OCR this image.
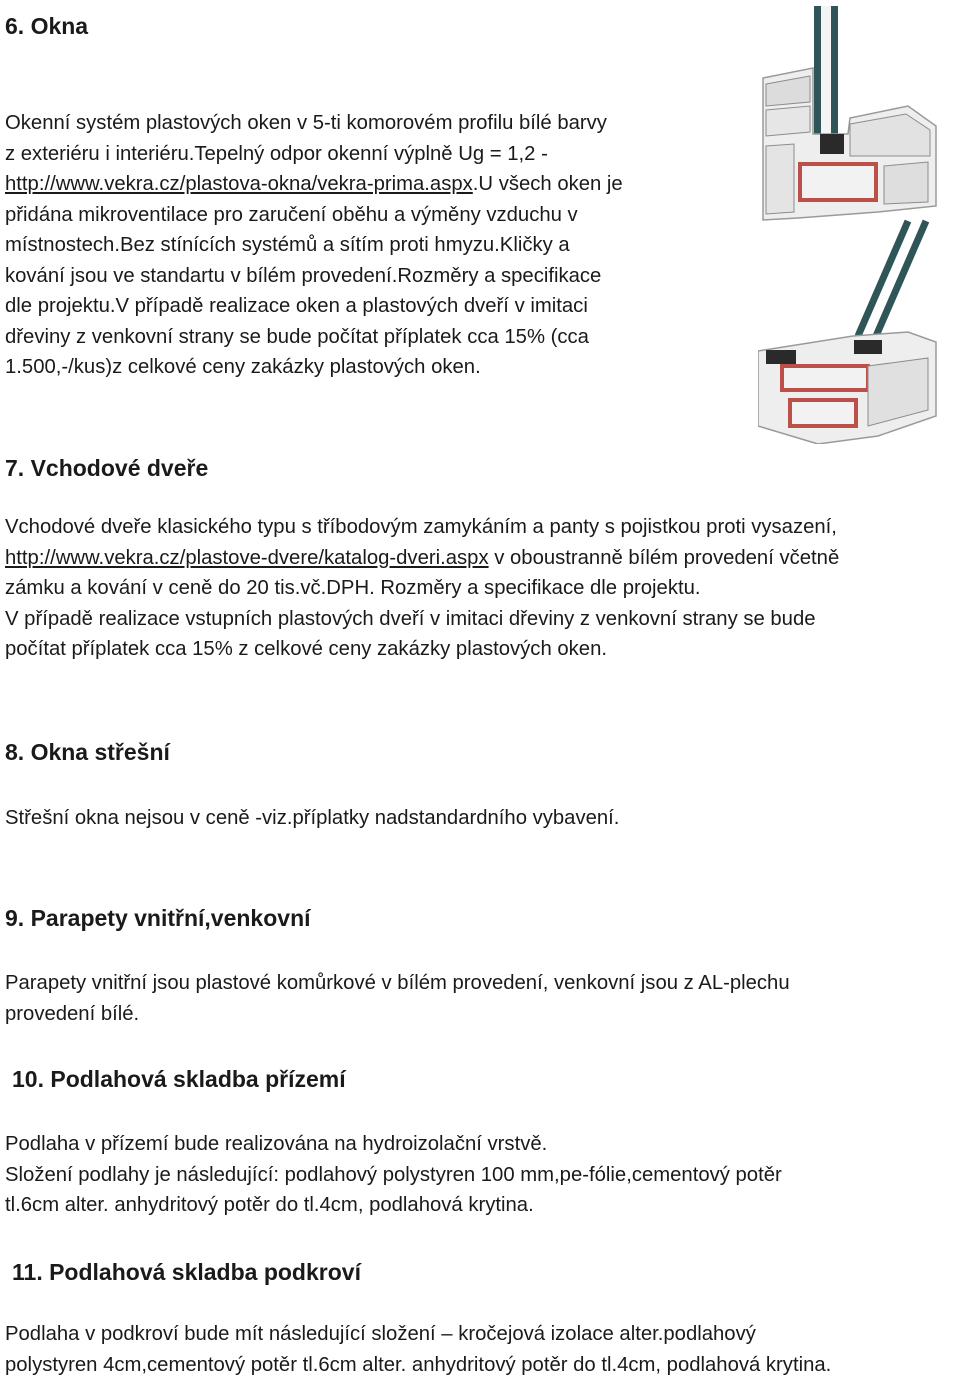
6. Okna

Okenní systém plastových oken v 5-ti komorovém profilu bílé barvy
z exteriéru i interiéru.Tepelný odpor okenní výplně Ug = 1,2 -
http://www.vekra.cz/plastova-okna/vekra-prima.aspx.U všech oken je
přidána mikroventilace pro zaručení oběhu a výměny vzduchu v
místnostech.Bez stínících systémů a sítím proti hmyzu.Kličky a
kování jsou ve standartu v bílém provedení.Rozměry a specifikace
dle projektu.V případě realizace oken a plastových dveří v imitaci
dřeviny z venkovní strany se bude počítat příplatek cca 15% (cca
1.500,-/kus)z celkové ceny zakázky plastových oken.

7. Vchodové dveře

Vchodové dveře klasického typu s tříbodovým zamykáním a panty s pojistkou proti vysazení,
http://www.vekra.cz/plastove-dvere/katalog-dveri.aspx v oboustranně bílém provedení včetně
zámku a kování v ceně do 20 tis.vč.DPH. Rozměry a specifikace dle projektu.
V případě realizace vstupních plastových dveří v imitaci dřeviny z venkovní strany se bude
počítat příplatek cca 15% z celkové ceny zakázky plastových oken.

8. Okna střešní

Střešní okna nejsou v ceně -viz.příplatky nadstandardního vybavení.

9. Parapety vnitřní,venkovní

Parapety vnitřní jsou plastové komůrkové v bílém provedení, venkovní jsou z AL-plechu
provedení bílé.

10. Podlahová skladba přízemí

Podlaha v přízemí bude realizována na hydroizolační vrstvě.
Složení podlahy je následující: podlahový polystyren 100 mm,pe-fólie,cementový potěr
tl.6cm alter. anhydritový potěr do tl.4cm, podlahová krytina.

11. Podlahová skladba podkroví

Podlaha v podkroví bude mít následující složení – kročejová izolace alter.podlahový
polystyren 4cm,cementový potěr tl.6cm alter. anhydritový potěr do tl.4cm, podlahová krytina.
